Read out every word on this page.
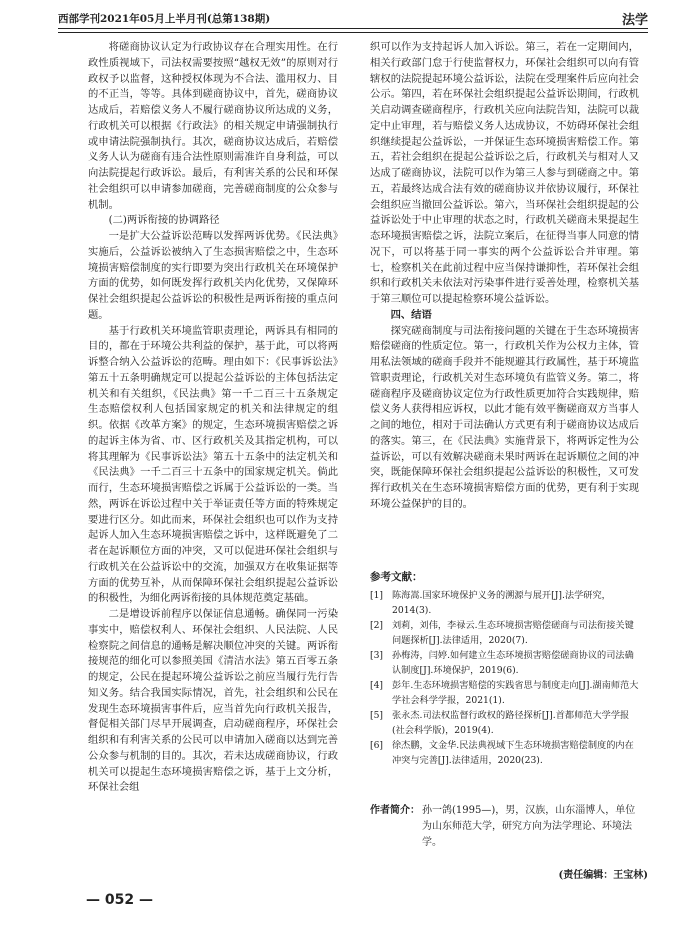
西部学刊2021年05月上半月刊(总第138期)	法学

将磋商协议认定为行政协议存在合理实用性。在行政性质视域下，司法权需要按照“越权无效”的原则对行政权予以监督，这种授权体现为不合法、滥用权力、目的不正当，等等。具体到磋商协议中，首先，磋商协议达成后，若赔偿义务人不履行磋商协议所达成的义务，行政机关可以根据《行政法》的相关规定申请强制执行或申请法院强制执行。其次，磋商协议达成后，若赔偿义务人认为磋商有违合法性原则需准许自身利益，可以向法院提起行政诉讼。最后，有利害关系的公民和环保社会组织可以申请参加磋商，完善磋商制度的公众参与机制。

(二)两诉衔接的协调路径

一是扩大公益诉讼范畴以发挥两诉优势。《民法典》实施后，公益诉讼被纳入了生态损害赔偿之中，生态环境损害赔偿制度的实行即要为突出行政机关在环境保护方面的优势，如何既发挥行政机关内化优势，又保障环保社会组织提起公益诉讼的积极性是两诉衔接的重点问题。

基于行政机关环境监管职责理论，两诉具有相同的目的，都在于环境公共利益的保护，基于此，可以将两诉整合纳入公益诉讼的范畴。理由如下：《民事诉讼法》第五十五条明确规定可以提起公益诉讼的主体包括法定机关和有关组织，《民法典》第一千二百三十五条规定生态赔偿权利人包括国家规定的机关和法律规定的组织。依据《改革方案》的规定，生态环境损害赔偿之诉的起诉主体为省、市、区行政机关及其指定机构，可以将其理解为《民事诉讼法》第五十五条中的法定机关和《民法典》一千二百三十五条中的国家规定机关。倘此而行，生态环境损害赔偿之诉属于公益诉讼的一类。当然，两诉在诉讼过程中关于举证责任等方面的特殊规定要进行区分。如此而来，环保社会组织也可以作为支持起诉人加入生态环境损害赔偿之诉中，这样既避免了二者在起诉顺位方面的冲突，又可以促进环保社会组织与行政机关在公益诉讼中的交流，加强双方在收集证据等方面的优势互补，从而保障环保社会组织提起公益诉讼的积极性，为细化两诉衔接的具体规范奠定基础。

二是增设诉前程序以保证信息通畅。确保同一污染事实中，赔偿权利人、环保社会组织、人民法院、人民检察院之间信息的通畅是解决顺位冲突的关键。两诉衔接规范的细化可以参照美国《清洁水法》第五百零五条的规定，公民在提起环境公益诉讼之前应当履行先行告知义务。结合我国实际情况，首先，社会组织和公民在发现生态环境损害事件后，应当首先向行政机关报告，督促相关部门尽早开展调查，启动磋商程序，环保社会组织和有利害关系的公民可以申请加入磋商以达到完善公众参与机制的目的。其次，若未达成磋商协议，行政机关可以提起生态环境损害赔偿之诉，基于上文分析，环保社会组

织可以作为支持起诉人加入诉讼。第三，若在一定期间内，相关行政部门怠于行使监督权力，环保社会组织可以向有管辖权的法院提起环境公益诉讼，法院在受理案件后应向社会公示。第四，若在环保社会组织提起公益诉讼期间，行政机关启动调查磋商程序，行政机关应向法院告知，法院可以裁定中止审理，若与赔偿义务人达成协议，不妨碍环保社会组织继续提起公益诉讼，一并保证生态环境损害赔偿工作。第五，若社会组织在提起公益诉讼之后，行政机关与相对人又达成了磋商协议，法院可以作为第三人参与到磋商之中。第五，若最终达成合法有效的磋商协议并依协议履行，环保社会组织应当撤回公益诉讼。第六，当环保社会组织提起的公益诉讼处于中止审理的状态之时，行政机关磋商未果提起生态环境损害赔偿之诉，法院立案后，在征得当事人同意的情况下，可以将基于同一事实的两个公益诉讼合并审理。第七，检察机关在此前过程中应当保持谦抑性，若环保社会组织和行政机关未依法对污染事件进行妥善处理，检察机关基于第三顺位可以提起检察环境公益诉讼。

四、结语

探究磋商制度与司法衔接问题的关键在于生态环境损害赔偿磋商的性质定位。第一，行政机关作为公权力主体，管用私法领域的磋商手段并不能规避其行政属性，基于环境监管职责理论，行政机关对生态环境负有监管义务。第二，将磋商程序及磋商协议定位为行政性质更加符合实践规律，赔偿义务人获得相应诉权，以此才能有效平衡磋商双方当事人之间的地位，相对于司法确认方式更有利于磋商协议达成后的落实。第三，在《民法典》实施背景下，将两诉定性为公益诉讼，可以有效解决磋商未果时两诉在起诉顺位之间的冲突，既能保障环保社会组织提起公益诉讼的积极性，又可发挥行政机关在生态环境损害赔偿方面的优势，更有利于实现环境公益保护的目的。

参考文献：
[1] 陈海嵩.国家环境保护义务的溯源与展开[J].法学研究，2014(3).
[2] 刘莉，刘伟，李禄云.生态环境损害赔偿磋商与司法衔接关键问题探析[J].法律适用，2020(7).
[3] 孙梅涛，闫婷.如何建立生态环境损害赔偿磋商协议的司法确认制度[J].环境保护，2019(6).
[4] 彭年.生态环境损害赔偿的实践省思与制度走向[J].湖南师范大学社会科学学报，2021(1).
[5] 张永杰.司法权监督行政权的路径探析[J].首都师范大学学报(社会科学版)，2019(4).
[6] 徐杰鹏，文金华.民法典视域下生态环境损害赔偿制度的内在冲突与完善[J].法律适用，2020(23).
作者简介： 孙一鸽(1995—)，男，汉族，山东淄博人，单位为山东师范大学，研究方向为法学理论、环境法学。
(责任编辑：王宝林)
— 052 —
